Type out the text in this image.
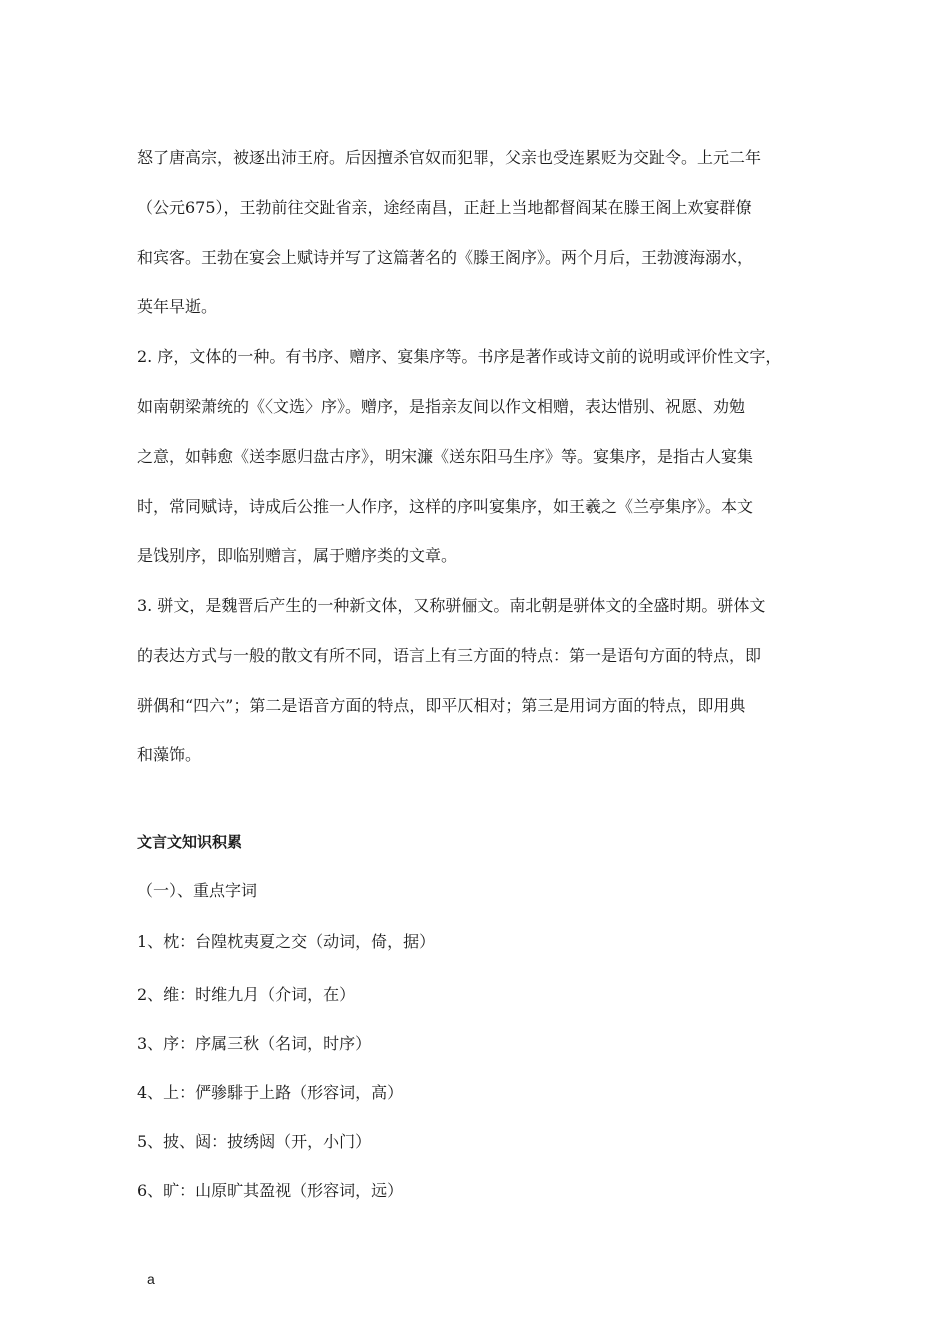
怒了唐高宗，被逐出沛王府。后因擅杀官奴而犯罪，父亲也受连累贬为交趾令。上元二年
（公元675），王勃前往交趾省亲，途经南昌，正赶上当地都督阎某在滕王阁上欢宴群僚
和宾客。王勃在宴会上赋诗并写了这篇著名的《滕王阁序》。两个月后，王勃渡海溺水，
英年早逝。
2. 序，文体的一种。有书序、赠序、宴集序等。书序是著作或诗文前的说明或评价性文字，
如南朝梁萧统的《〈文选〉序》。赠序，是指亲友间以作文相赠，表达惜别、祝愿、劝勉
之意，如韩愈《送李愿归盘古序》，明宋濂《送东阳马生序》等。宴集序，是指古人宴集
时，常同赋诗，诗成后公推一人作序，这样的序叫宴集序，如王羲之《兰亭集序》。本文
是饯别序，即临别赠言，属于赠序类的文章。
3. 骈文，是魏晋后产生的一种新文体，又称骈俪文。南北朝是骈体文的全盛时期。骈体文
的表达方式与一般的散文有所不同，语言上有三方面的特点：第一是语句方面的特点，即
骈偶和“四六”；第二是语音方面的特点，即平仄相对；第三是用词方面的特点，即用典
和藻饰。
文言文知识积累
（一）、重点字词
1、枕：台隍枕夷夏之交（动词，倚，据）
2、维：时维九月（介词，在）
3、序：序属三秋（名词，时序）
4、上：俨骖騑于上路（形容词，高）
5、披、闼：披绣闼（开，小门）
6、旷：山原旷其盈视（形容词，远）
a
